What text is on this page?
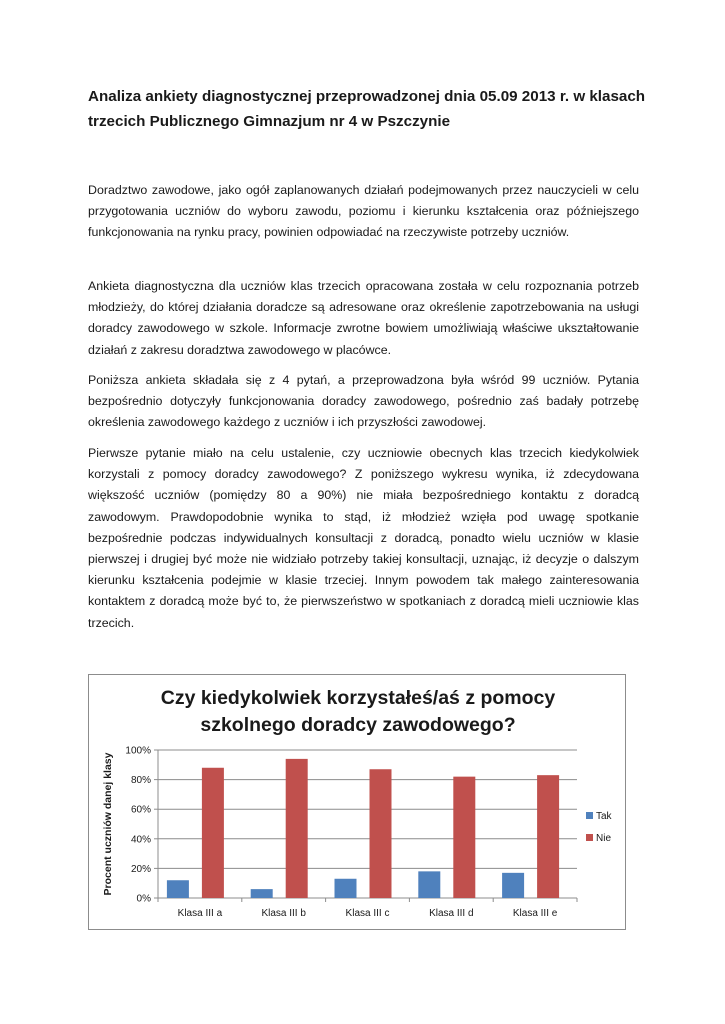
Analiza ankiety diagnostycznej przeprowadzonej dnia 05.09 2013 r. w klasach trzecich Publicznego Gimnazjum nr 4 w Pszczynie

Doradztwo zawodowe, jako ogół zaplanowanych działań podejmowanych przez nauczycieli w celu przygotowania uczniów do wyboru zawodu, poziomu i kierunku kształcenia oraz późniejszego funkcjonowania na rynku pracy, powinien odpowiadać na rzeczywiste potrzeby uczniów.

Ankieta diagnostyczna dla uczniów klas trzecich opracowana została w celu rozpoznania potrzeb młodzieży, do której działania doradcze są adresowane oraz określenie zapotrzebowania na usługi doradcy zawodowego w szkole. Informacje zwrotne bowiem umożliwiają właściwe ukształtowanie działań z zakresu doradztwa zawodowego w placówce.

Poniższa ankieta składała się z 4 pytań, a przeprowadzona była wśród 99 uczniów. Pytania bezpośrednio dotyczyły funkcjonowania doradcy zawodowego, pośrednio zaś badały potrzebę określenia zawodowego każdego z uczniów i ich przyszłości zawodowej.

Pierwsze pytanie miało na celu ustalenie, czy uczniowie obecnych klas trzecich kiedykolwiek korzystali z pomocy doradcy zawodowego? Z poniższego wykresu wynika, iż zdecydowana większość uczniów (pomiędzy 80 a 90%) nie miała bezpośredniego kontaktu z doradcą zawodowym. Prawdopodobnie wynika to stąd, iż młodzież wzięła pod uwagę spotkanie bezpośrednie podczas indywidualnych konsultacji z doradcą, ponadto wielu uczniów w klasie pierwszej i drugiej być może nie widziało potrzeby takiej konsultacji, uznając, iż decyzje o dalszym kierunku kształcenia podejmie w klasie trzeciej. Innym powodem tak małego zainteresowania kontaktem z doradcą może być to, że pierwszeństwo w spotkaniach z doradcą mieli uczniowie klas trzecich.

Czy kiedykolwiek korzystałeś/aś z pomocy
szkolnego doradcy zawodowego?
0%
20%
40%
60%
80%
100%
Procent uczniów danej klasy
Klasa III a	Klasa III b	Klasa III c	Klasa III d	Klasa III e
Tak
Nie
